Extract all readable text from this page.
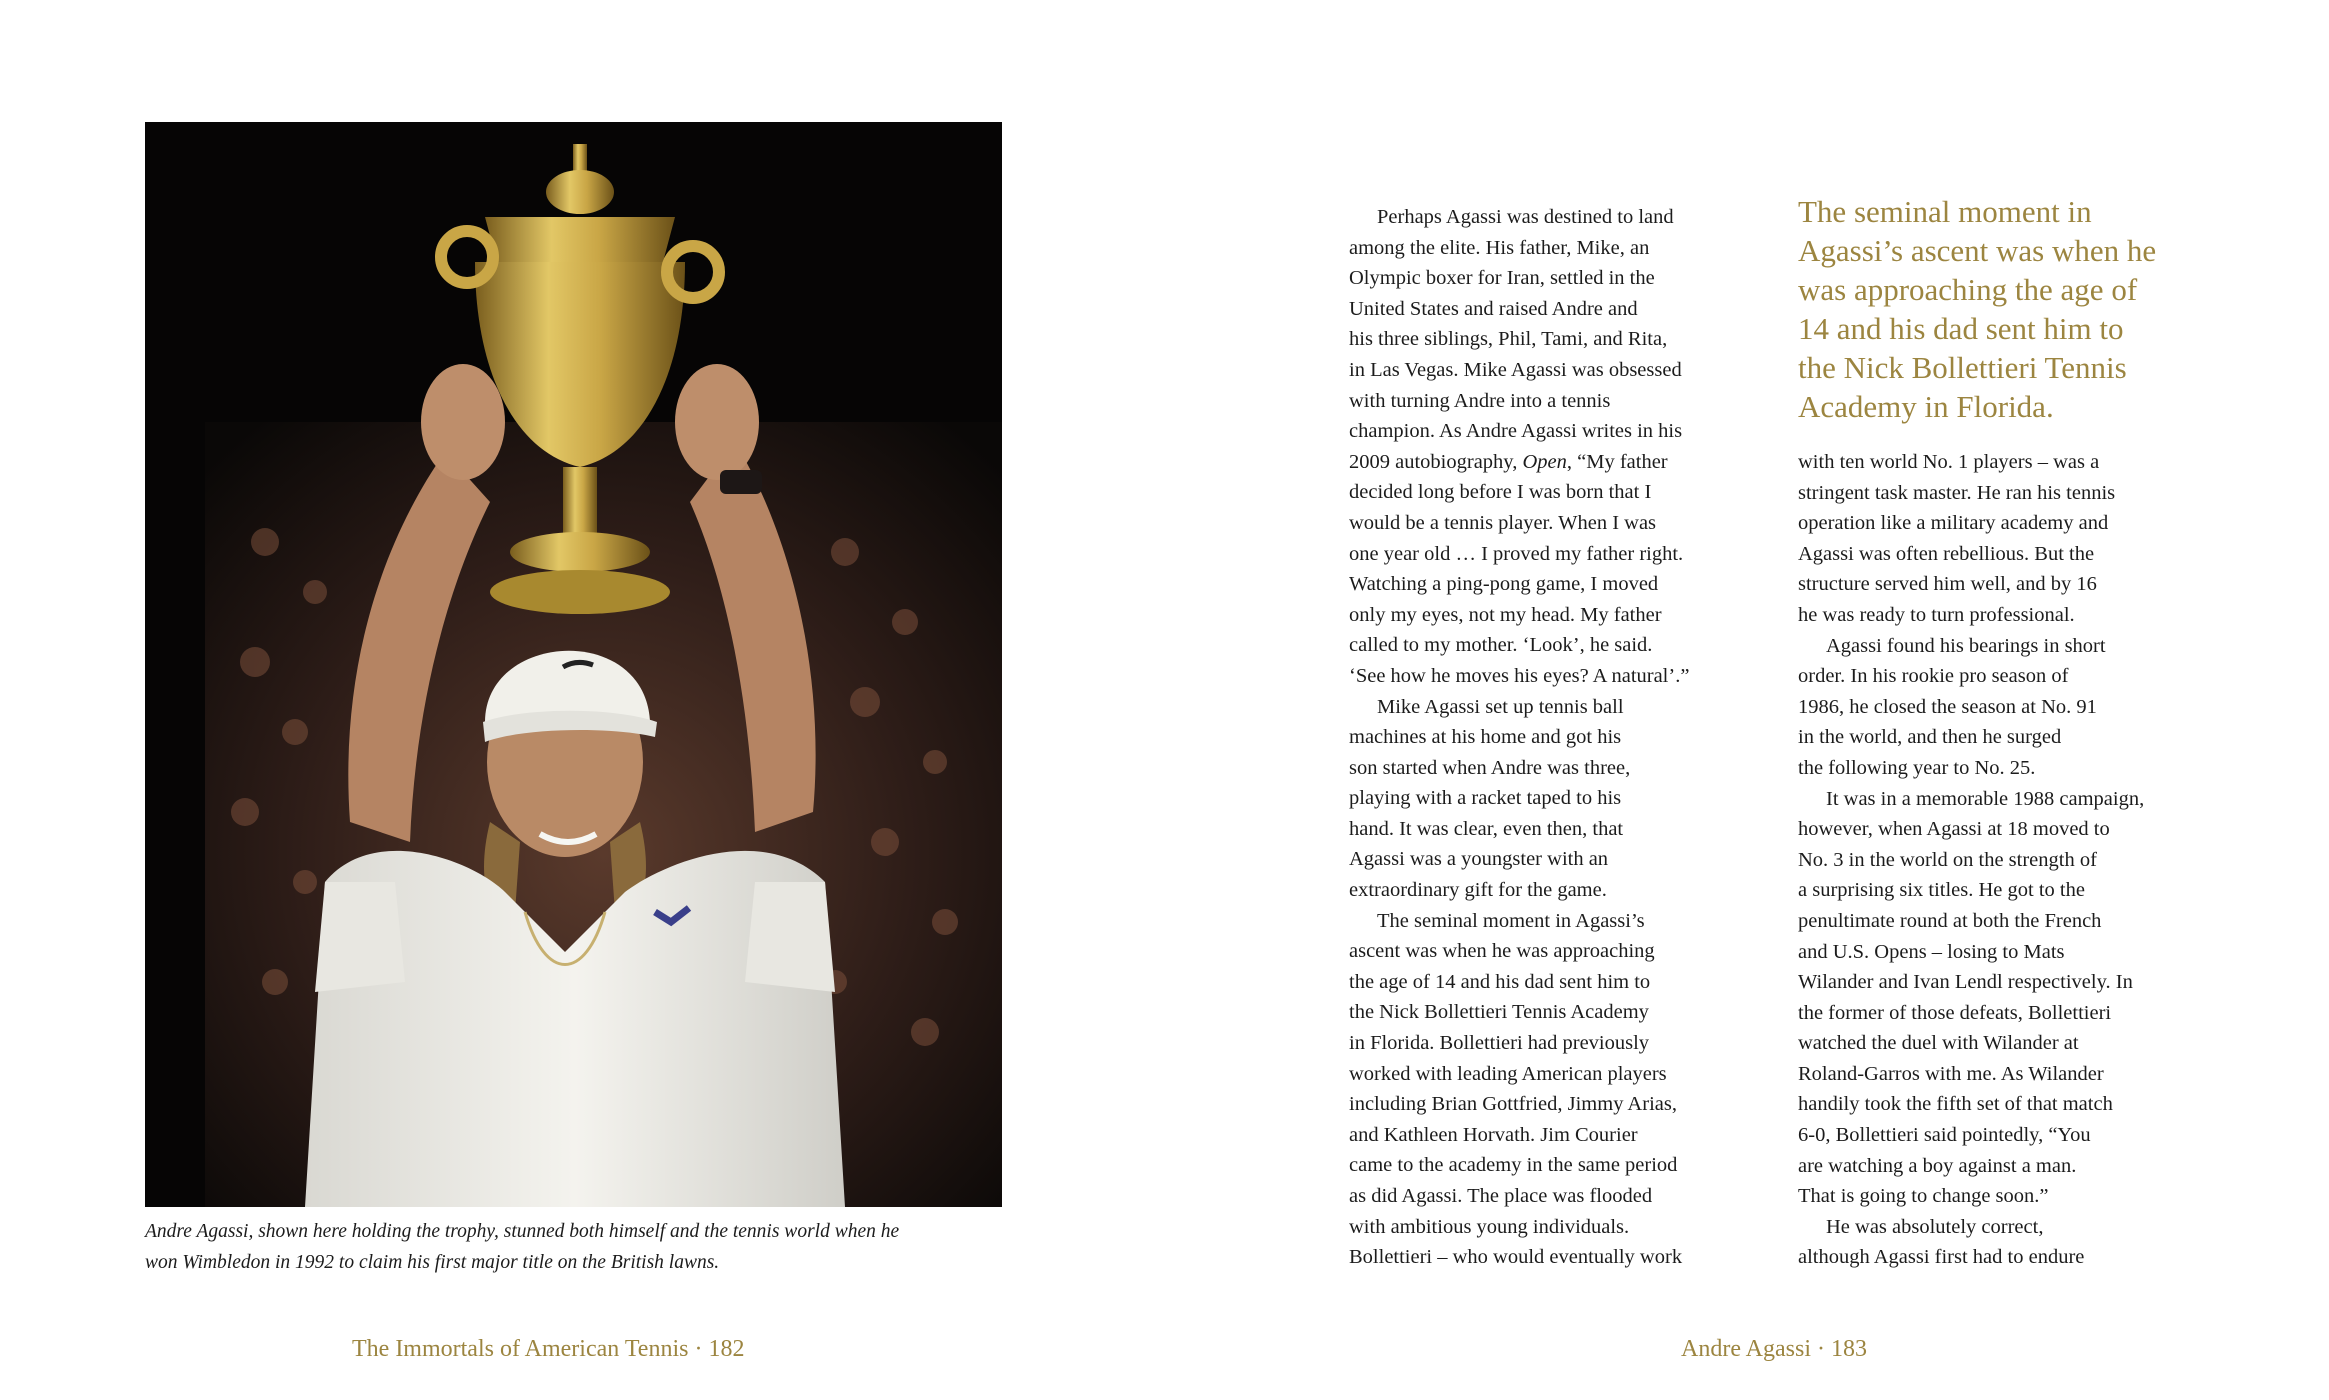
Andre Agassi, shown here holding the trophy, stunned both himself and the tennis world when he

won Wimbledon in 1992 to claim his first major title on the British lawns.

Perhaps Agassi was destined to land
among the elite. His father, Mike, an
Olympic boxer for Iran, settled in the
United States and raised Andre and
his three siblings, Phil, Tami, and Rita,
in Las Vegas. Mike Agassi was obsessed
with turning Andre into a tennis
champion. As Andre Agassi writes in his
2009 autobiography, Open, “My father
decided long before I was born that I
would be a tennis player. When I was
one year old … I proved my father right.
Watching a ping-pong game, I moved
only my eyes, not my head. My father
called to my mother. ‘Look’, he said.
‘See how he moves his eyes? A natural’.”
Mike Agassi set up tennis ball
machines at his home and got his
son started when Andre was three,
playing with a racket taped to his
hand. It was clear, even then, that
Agassi was a youngster with an
extraordinary gift for the game.
The seminal moment in Agassi’s
ascent was when he was approaching
the age of 14 and his dad sent him to
the Nick Bollettieri Tennis Academy
in Florida. Bollettieri had previously
worked with leading American players
including Brian Gottfried, Jimmy Arias,
and Kathleen Horvath. Jim Courier
came to the academy in the same period
as did Agassi. The place was flooded
with ambitious young individuals.
Bollettieri – who would eventually work
The seminal moment in
Agassi’s ascent was when he
was approaching the age of
14 and his dad sent him to
the Nick Bollettieri Tennis
Academy in Florida.
with ten world No. 1 players – was a
stringent task master. He ran his tennis
operation like a military academy and
Agassi was often rebellious. But the
structure served him well, and by 16
he was ready to turn professional.
Agassi found his bearings in short
order. In his rookie pro season of
1986, he closed the season at No. 91
in the world, and then he surged
the following year to No. 25.
It was in a memorable 1988 campaign,
however, when Agassi at 18 moved to
No. 3 in the world on the strength of
a surprising six titles. He got to the
penultimate round at both the French
and U.S. Opens – losing to Mats
Wilander and Ivan Lendl respectively. In
the former of those defeats, Bollettieri
watched the duel with Wilander at
Roland-Garros with me. As Wilander
handily took the fifth set of that match
6-0, Bollettieri said pointedly, “You
are watching a boy against a man.
That is going to change soon.”
He was absolutely correct,
although Agassi first had to endure
The Immortals of American Tennis · 182	Andre Agassi · 183
